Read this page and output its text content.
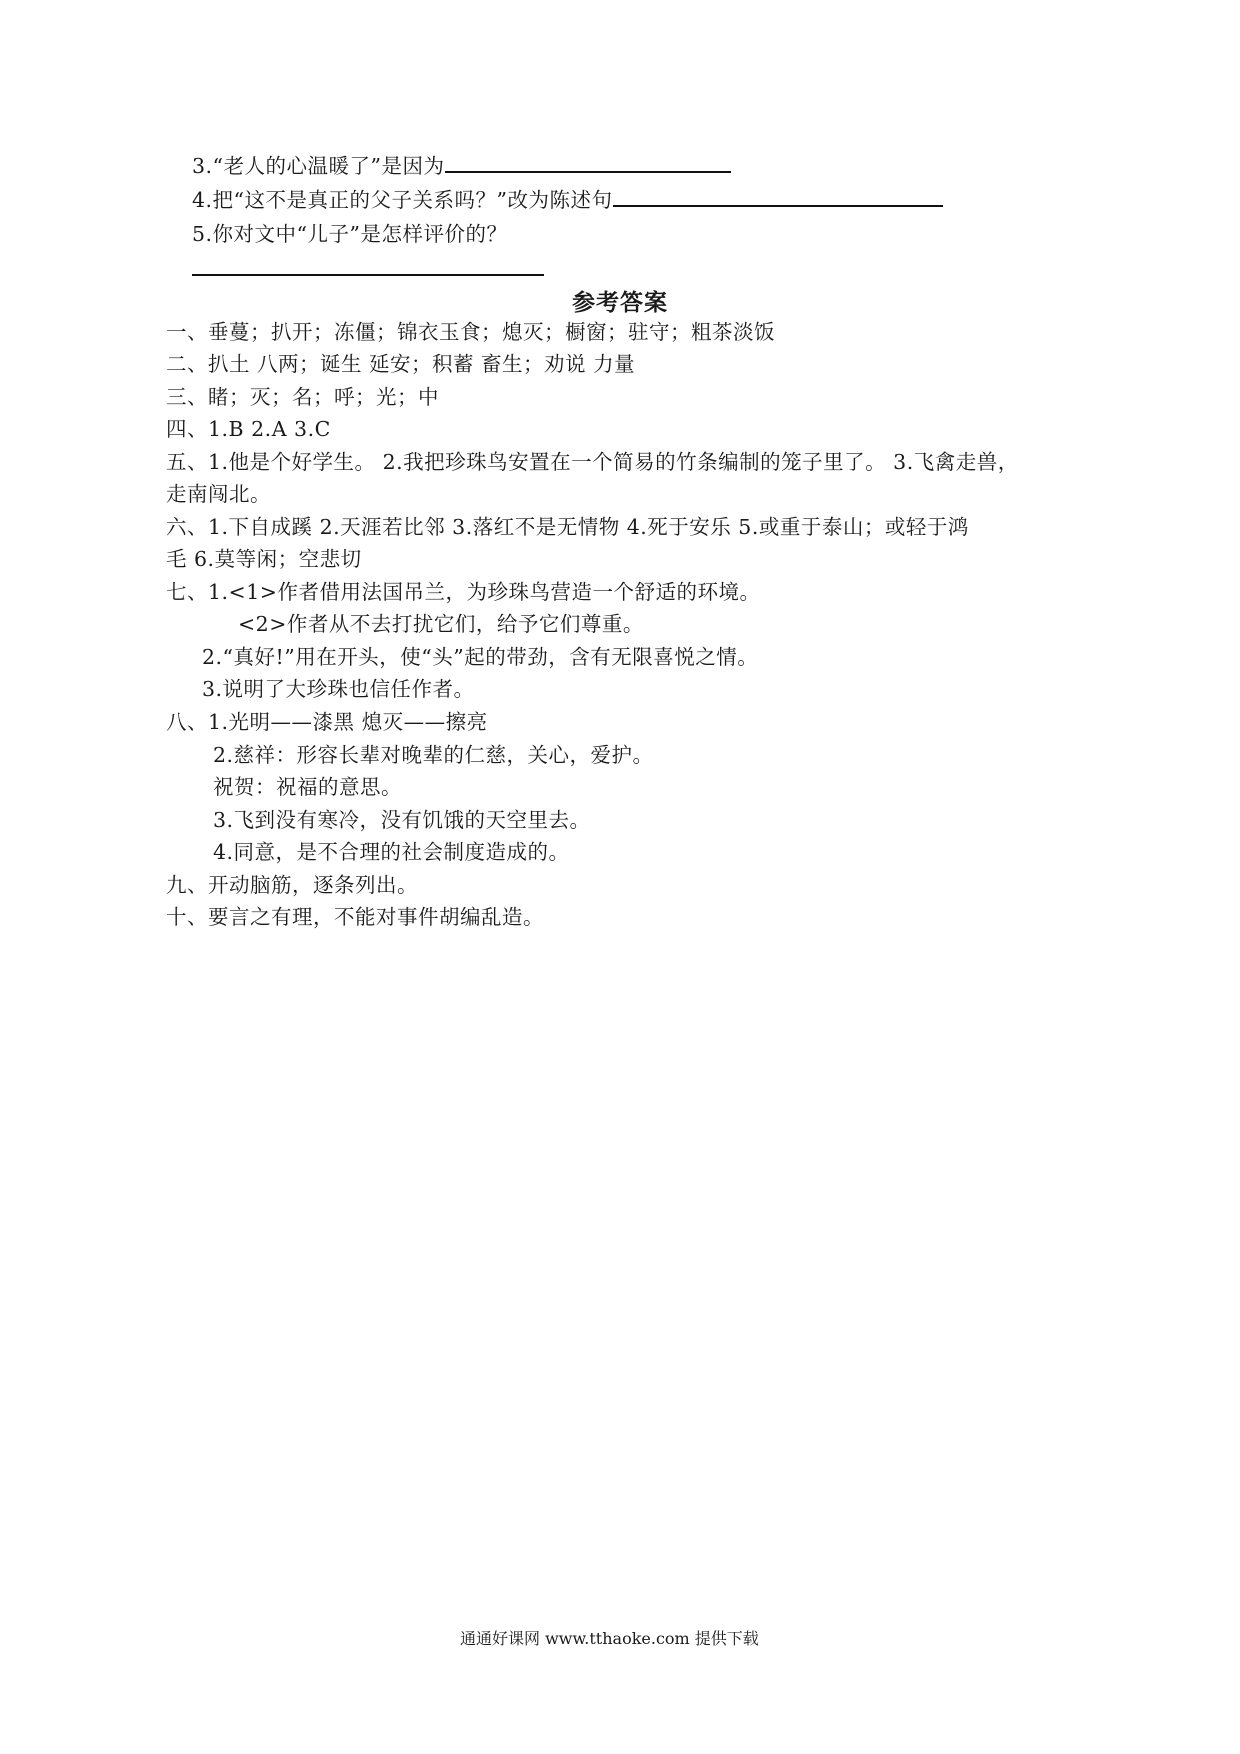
3.“老人的心温暖了”是因为
4.把“这不是真正的父子关系吗？”改为陈述句
5.你对文中“儿子”是怎样评价的？
参考答案
一、垂蔓；扒开；冻僵；锦衣玉食；熄灭；橱窗；驻守；粗茶淡饭
二、扒土 八两；诞生 延安；积蓄 畜生；劝说 力量
三、睹；灭；名；呼；光；中
四、1.B 2.A 3.C
五、1.他是个好学生。 2.我把珍珠鸟安置在一个简易的竹条编制的笼子里了。 3.飞禽走兽，
走南闯北。
六、1.下自成蹊 2.天涯若比邻 3.落红不是无情物 4.死于安乐 5.或重于泰山；或轻于鸿
毛 6.莫等闲；空悲切
七、1.<1>作者借用法国吊兰，为珍珠鸟营造一个舒适的环境。
<2>作者从不去打扰它们，给予它们尊重。
2.“真好!”用在开头，使“头”起的带劲，含有无限喜悦之情。
3.说明了大珍珠也信任作者。
八、1.光明——漆黑 熄灭——擦亮
2.慈祥：形容长辈对晚辈的仁慈，关心，爱护。
祝贺：祝福的意思。
3.飞到没有寒冷，没有饥饿的天空里去。
4.同意，是不合理的社会制度造成的。
九、开动脑筋，逐条列出。
十、要言之有理，不能对事件胡编乱造。
通通好课网 www.tthaoke.com 提供下载
